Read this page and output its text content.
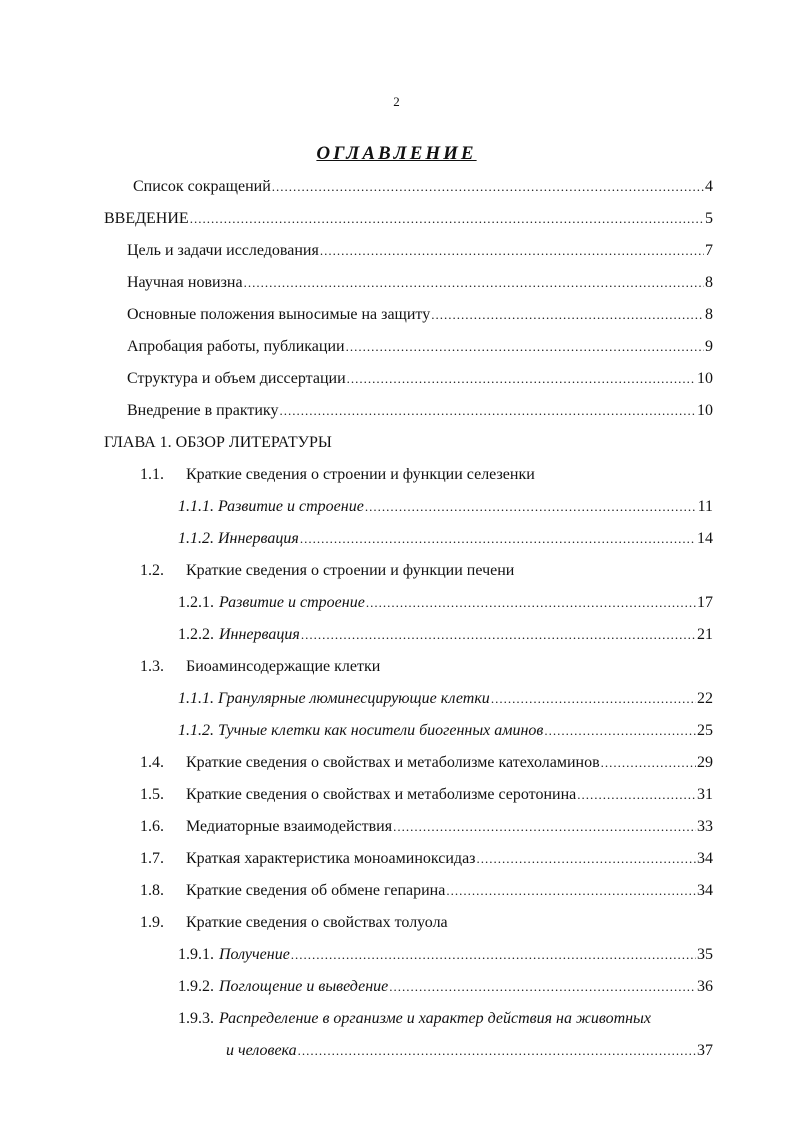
2
ОГЛАВЛЕНИЕ
Список сокращений .....	4
ВВЕДЕНИЕ .....	5
Цель и задачи исследования .....	7
Научная новизна .....	8
Основные положения выносимые на защиту .....	8
Апробация работы, публикации .....	9
Структура и объем диссертации .....	10
Внедрение в практику .....	10
ГЛАВА 1. ОБЗОР ЛИТЕРАТУРЫ
1.1.	Краткие сведения о строении и функции селезенки
1.1.1. Развитие и строение .....	11
1.1.2. Иннервация .....	14
1.2.	Краткие сведения о строении и функции печени
1.2.1. Развитие и строение .....	17
1.2.2. Иннервация .....	21
1.3.	Биоаминсодержащие клетки
1.1.1. Гранулярные люминесцирующие клетки .....	22
1.1.2. Тучные клетки как носители биогенных аминов .....	25
1.4.	Краткие сведения о свойствах и метаболизме катехоламинов .....	29
1.5.	Краткие сведения о свойствах и метаболизме серотонина .....	31
1.6.	Медиаторные взаимодействия .....	33
1.7.	Краткая характеристика моноаминоксидаз .....	34
1.8.	Краткие сведения об обмене гепарина .....	34
1.9.	Краткие сведения о свойствах толуола
1.9.1. Получение .....	35
1.9.2. Поглощение и выведение .....	36
1.9.3. Распределение в организме и характер действия на животных
и человека .....	37
